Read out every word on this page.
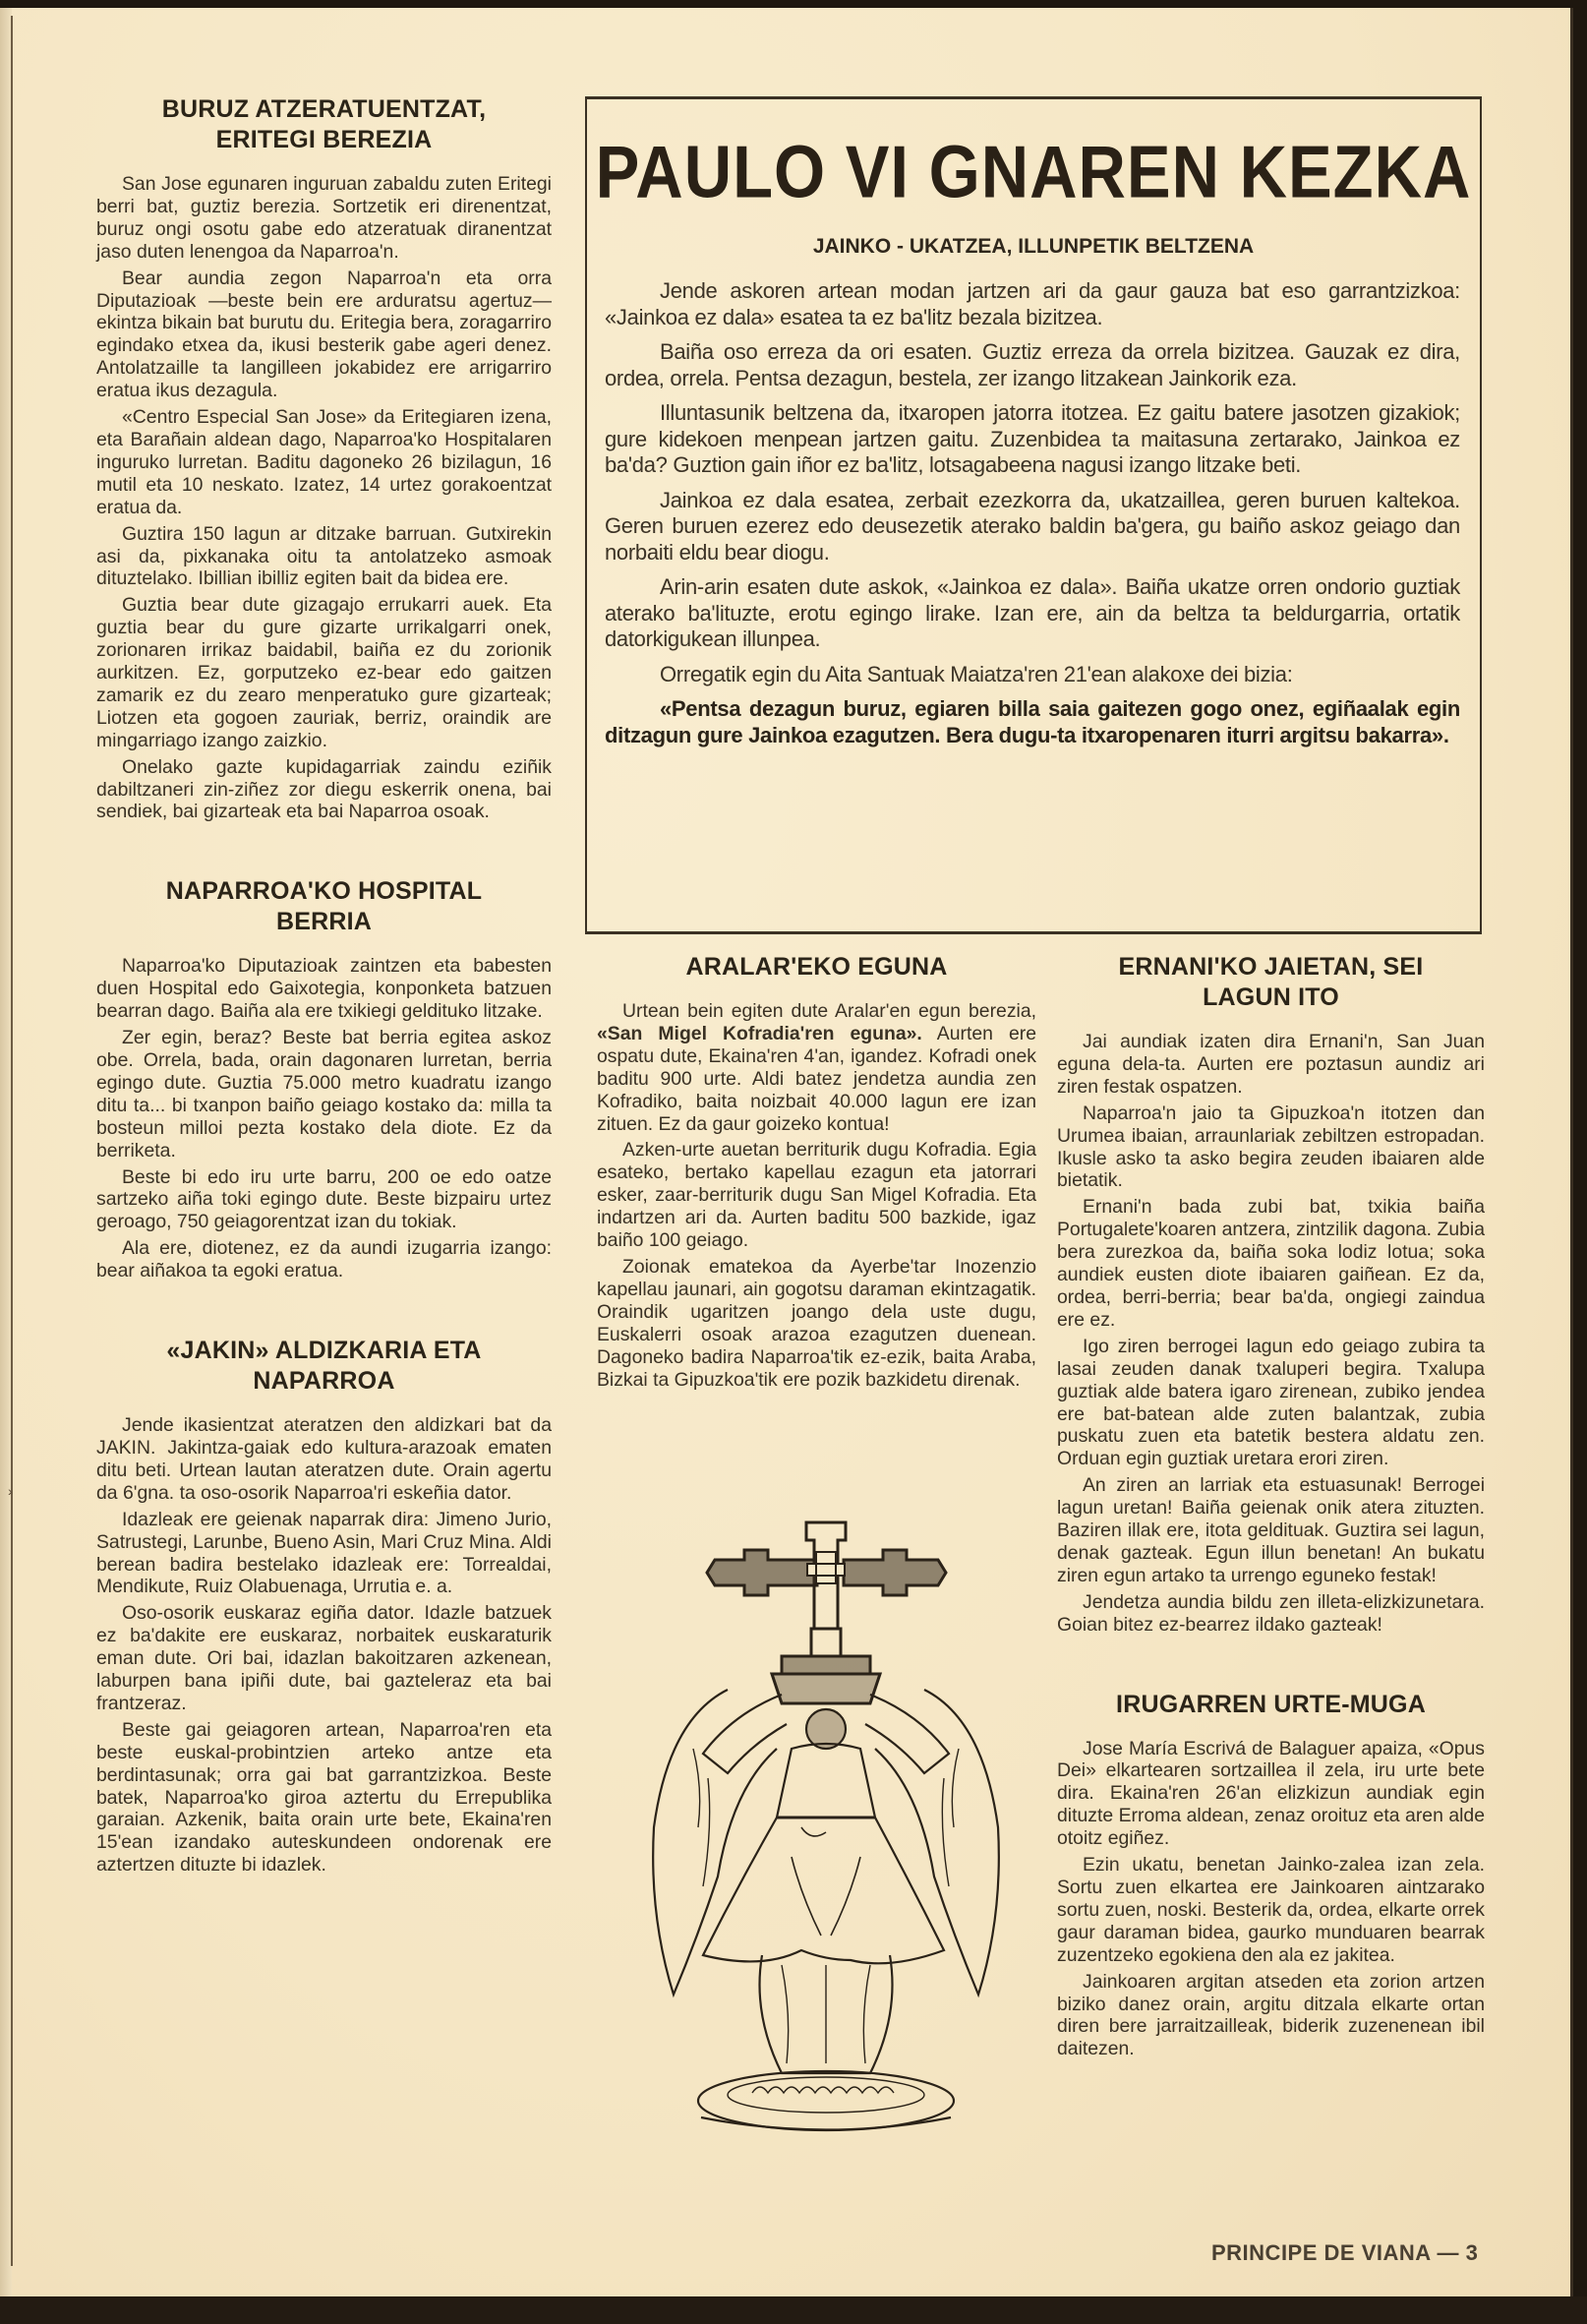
›
BURUZ ATZERATUENTZAT,
ERITEGI BEREZIA

San Jose egunaren inguruan zabaldu zuten Eritegi berri bat, guztiz berezia. Sortzetik eri direnentzat, buruz ongi osotu gabe edo atzeratuak diranentzat jaso duten lenengoa da Naparroa'n.

Bear aundia zegon Naparroa'n eta orra Diputazioak —beste bein ere arduratsu agertuz— ekintza bikain bat burutu du. Eritegia bera, zoragarriro egindako etxea da, ikusi besterik gabe ageri denez. Antolatzaille ta langilleen jokabidez ere arrigarriro eratua ikus dezagula.

«Centro Especial San Jose» da Eritegiaren izena, eta Barañain aldean dago, Naparroa'ko Hospitalaren inguruko lurretan. Baditu dagoneko 26 bizilagun, 16 mutil eta 10 neskato. Izatez, 14 urtez gorakoentzat eratua da.

Guztira 150 lagun ar ditzake barruan. Gutxirekin asi da, pixkanaka oitu ta antolatzeko asmoak dituztelako. Ibillian ibilliz egiten bait da bidea ere.

Guztia bear dute gizagajo errukarri auek. Eta guztia bear du gure gizarte urrikalgarri onek, zorionaren irrikaz baidabil, baiña ez du zorionik aurkitzen. Ez, gorputzeko ez-bear edo gaitzen zamarik ez du zearo menperatuko gure gizarteak; Liotzen eta gogoen zauriak, berriz, oraindik are mingarriago izango zaizkio.

Onelako gazte kupidagarriak zaindu eziñik dabiltzaneri zin-ziñez zor diegu eskerrik onena, bai sendiek, bai gizarteak eta bai Naparroa osoak.

NAPARROA'KO HOSPITAL
BERRIA

Naparroa'ko Diputazioak zaintzen eta babesten duen Hospital edo Gaixotegia, konponketa batzuen bearran dago. Baiña ala ere txikiegi geldituko litzake.

Zer egin, beraz? Beste bat berria egitea askoz obe. Orrela, bada, orain dagonaren lurretan, berria egingo dute. Guztia 75.000 metro kuadratu izango ditu ta... bi txanpon baiño geiago kostako da: milla ta bosteun milloi pezta kostako dela diote. Ez da berriketa.

Beste bi edo iru urte barru, 200 oe edo oatze sartzeko aiña toki egingo dute. Beste bizpairu urtez geroago, 750 geiagorentzat izan du tokiak.

Ala ere, diotenez, ez da aundi izugarria izango: bear aiñakoa ta egoki eratua.

«JAKIN» ALDIZKARIA ETA
NAPARROA

Jende ikasientzat ateratzen den aldizkari bat da JAKIN. Jakintza-gaiak edo kultura-arazoak ematen ditu beti. Urtean lautan ateratzen dute. Orain agertu da 6'gna. ta oso-osorik Naparroa'ri eskeñia dator.

Idazleak ere geienak naparrak dira: Jimeno Jurio, Satrustegi, Larunbe, Bueno Asin, Mari Cruz Mina. Aldi berean badira bestelako idazleak ere: Torrealdai, Mendikute, Ruiz Olabuenaga, Urrutia e. a.

Oso-osorik euskaraz egiña dator. Idazle batzuek ez ba'dakite ere euskaraz, norbaitek euskaraturik eman dute. Ori bai, idazlan bakoitzaren azkenean, laburpen bana ipiñi dute, bai gazteleraz eta bai frantzeraz.

Beste gai geiagoren artean, Naparroa'ren eta beste euskal-probintzien arteko antze eta berdintasunak; orra gai bat garrantzizkoa. Beste batek, Naparroa'ko giroa aztertu du Errepublika garaian. Azkenik, baita orain urte bete, Ekaina'ren 15'ean izandako auteskundeen ondorenak ere aztertzen dituzte bi idazlek.

PAULO VI GNAREN KEZKA
JAINKO - UKATZEA, ILLUNPETIK BELTZENA

Jende askoren artean modan jartzen ari da gaur gauza bat eso garrantzizkoa: «Jainkoa ez dala» esatea ta ez ba'litz bezala bizitzea.

Baiña oso erreza da ori esaten. Guztiz erreza da orrela bizitzea. Gauzak ez dira, ordea, orrela. Pentsa dezagun, bestela, zer izango litzakean Jainkorik eza.

Illuntasunik beltzena da, itxaropen jatorra itotzea. Ez gaitu batere jasotzen gizakiok; gure kidekoen menpean jartzen gaitu. Zuzenbidea ta maitasuna zertarako, Jainkoa ez ba'da? Guztion gain iñor ez ba'litz, lotsagabeena nagusi izango litzake beti.

Jainkoa ez dala esatea, zerbait ezezkorra da, ukatzaillea, geren buruen kaltekoa. Geren buruen ezerez edo deusezetik aterako baldin ba'gera, gu baiño askoz geiago dan norbaiti eldu bear diogu.

Arin-arin esaten dute askok, «Jainkoa ez dala». Baiña ukatze orren ondorio guztiak aterako ba'lituzte, erotu egingo lirake. Izan ere, ain da beltza ta beldurgarria, ortatik datorkigukean illunpea.

Orregatik egin du Aita Santuak Maiatza'ren 21'ean alakoxe dei bizia:

«Pentsa dezagun buruz, egiaren billa saia gaitezen gogo onez, egiñaalak egin ditzagun gure Jainkoa ezagutzen. Bera dugu-ta itxaropenaren iturri argitsu bakarra».

ARALAR'EKO EGUNA

Urtean bein egiten dute Aralar'en egun berezia, «San Migel Kofradia'ren eguna». Aurten ere ospatu dute, Ekaina'ren 4'an, igandez. Kofradi onek baditu 900 urte. Aldi batez jendetza aundia zen Kofradiko, baita noizbait 40.000 lagun ere izan zituen. Ez da gaur goizeko kontua!

Azken-urte auetan berriturik dugu Kofradia. Egia esateko, bertako kapellau ezagun eta jatorrari esker, zaar-berriturik dugu San Migel Kofradia. Eta indartzen ari da. Aurten baditu 500 bazkide, igaz baiño 100 geiago.

Zoionak ematekoa da Ayerbe'tar Inozenzio kapellau jaunari, ain gogotsu daraman ekintzagatik. Oraindik ugaritzen joango dela uste dugu, Euskalerri osoak arazoa ezagutzen duenean. Dagoneko badira Naparroa'tik ez-ezik, baita Araba, Bizkai ta Gipuzkoa'tik ere pozik bazkidetu direnak.

ERNANI'KO JAIETAN, SEI
LAGUN ITO

Jai aundiak izaten dira Ernani'n, San Juan eguna dela-ta. Aurten ere poztasun aundiz ari ziren festak ospatzen.

Naparroa'n jaio ta Gipuzkoa'n itotzen dan Urumea ibaian, arraunlariak zebiltzen estropadan. Ikusle asko ta asko begira zeuden ibaiaren alde bietatik.

Ernani'n bada zubi bat, txikia baiña Portugalete'koaren antzera, zintzilik dagona. Zubia bera zurezkoa da, baiña soka lodiz lotua; soka aundiek eusten diote ibaiaren gaiñean. Ez da, ordea, berri-berria; bear ba'da, ongiegi zaindua ere ez.

Igo ziren berrogei lagun edo geiago zubira ta lasai zeuden danak txaluperi begira. Txalupa guztiak alde batera igaro zirenean, zubiko jendea ere bat-batean alde zuten balantzak, zubia puskatu zuen eta batetik bestera aldatu zen. Orduan egin guztiak uretara erori ziren.

An ziren an larriak eta estuasunak! Berrogei lagun uretan! Baiña geienak onik atera zituzten. Baziren illak ere, itota geldituak. Guztira sei lagun, denak gazteak. Egun illun benetan! An bukatu ziren egun artako ta urrengo eguneko festak!

Jendetza aundia bildu zen illeta-elizkizunetara. Goian bitez ez-bearrez ildako gazteak!

IRUGARREN URTE-MUGA

Jose María Escrivá de Balaguer apaiza, «Opus Dei» elkartearen sortzaillea il zela, iru urte bete dira. Ekaina'ren 26'an elizkizun aundiak egin dituzte Erroma aldean, zenaz oroituz eta aren alde otoitz egiñez.

Ezin ukatu, benetan Jainko-zalea izan zela. Sortu zuen elkartea ere Jainkoaren aintzarako sortu zuen, noski. Besterik da, ordea, elkarte orrek gaur daraman bidea, gaurko munduaren bearrak zuzentzeko egokiena den ala ez jakitea.

Jainkoaren argitan atseden eta zorion artzen biziko danez orain, argitu ditzala elkarte ortan diren bere jarraitzailleak, biderik zuzenenean ibil daitezen.

PRINCIPE DE VIANA — 3
